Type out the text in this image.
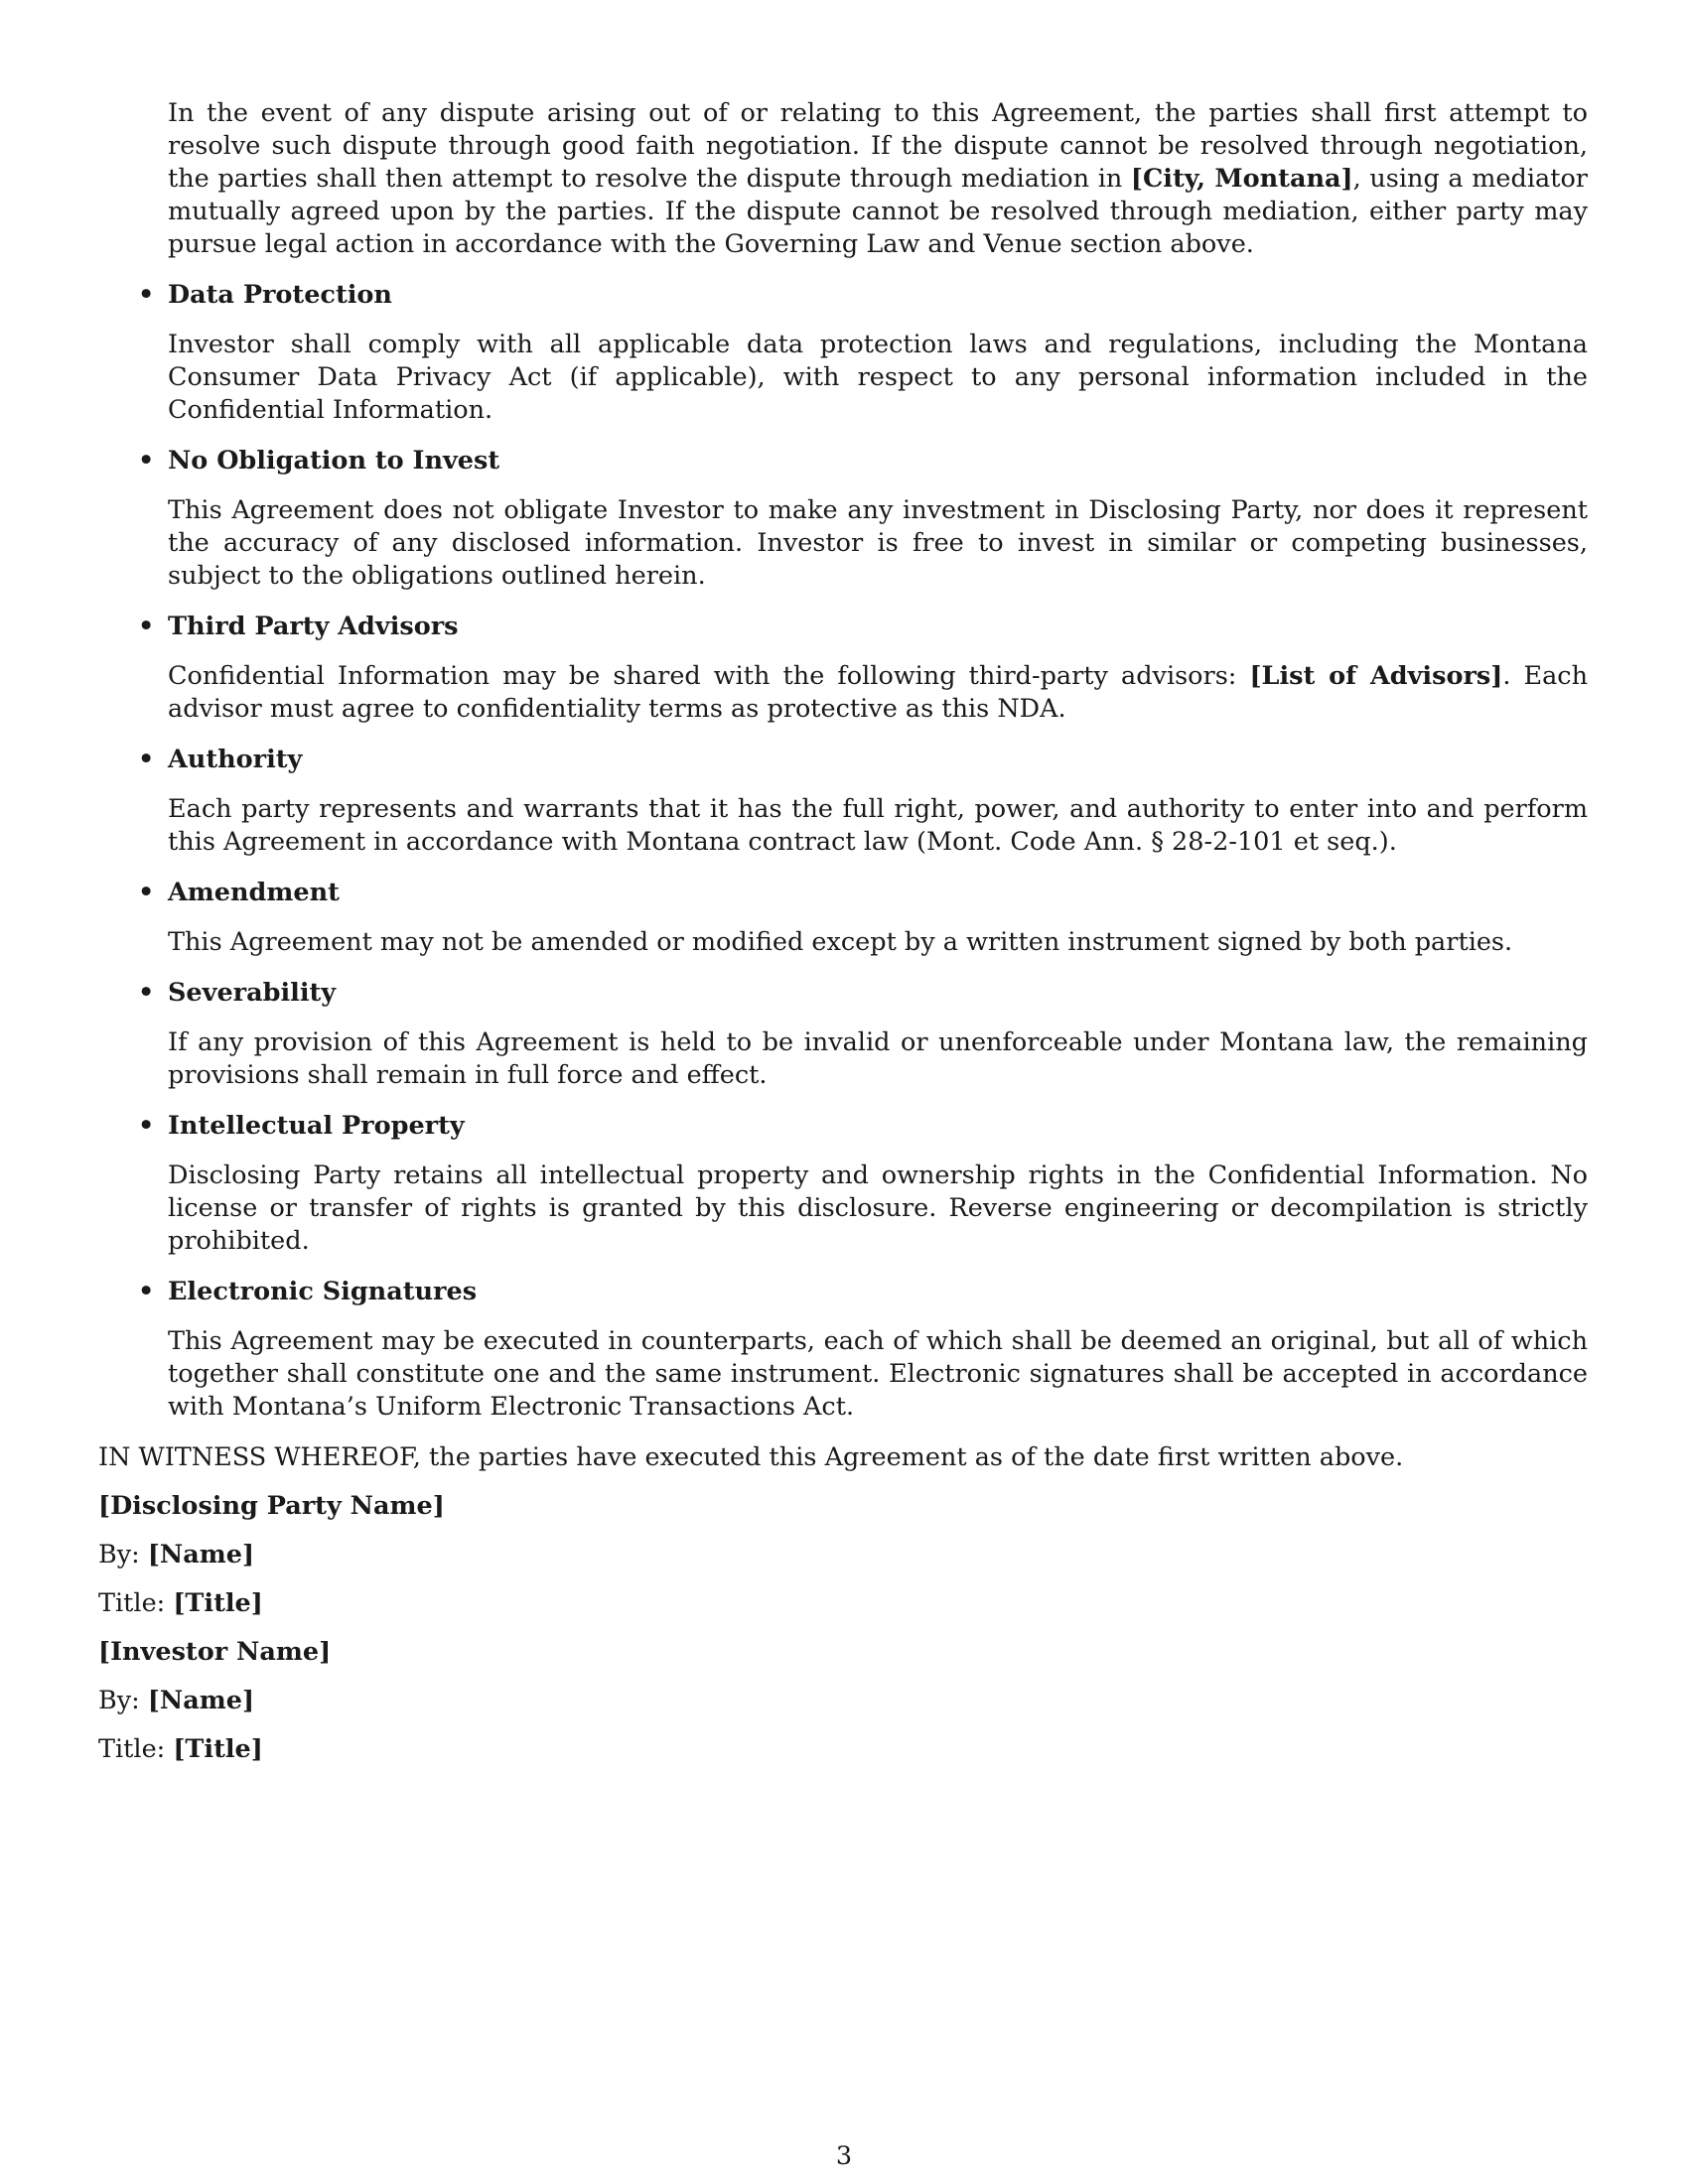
In the event of any dispute arising out of or relating to this Agreement, the parties shall first attempt to resolve such dispute through good faith negotiation. If the dispute cannot be resolved through negotiation, the parties shall then attempt to resolve the dispute through mediation in [City, Montana], using a mediator mutually agreed upon by the parties. If the dispute cannot be resolved through mediation, either party may pursue legal action in accordance with the Governing Law and Venue section above.

• Data Protection

Investor shall comply with all applicable data protection laws and regulations, including the Montana Consumer Data Privacy Act (if applicable), with respect to any personal information included in the Confidential Information.

• No Obligation to Invest

This Agreement does not obligate Investor to make any investment in Disclosing Party, nor does it represent the accuracy of any disclosed information. Investor is free to invest in similar or competing businesses, subject to the obligations outlined herein.

• Third Party Advisors

Confidential Information may be shared with the following third-party advisors: [List of Advisors]. Each advisor must agree to confidentiality terms as protective as this NDA.

• Authority

Each party represents and warrants that it has the full right, power, and authority to enter into and perform this Agreement in accordance with Montana contract law (Mont. Code Ann. § 28-2-101 et seq.).

• Amendment

This Agreement may not be amended or modified except by a written instrument signed by both parties.

• Severability

If any provision of this Agreement is held to be invalid or unenforceable under Montana law, the remaining provisions shall remain in full force and effect.

• Intellectual Property

Disclosing Party retains all intellectual property and ownership rights in the Confidential Information. No license or transfer of rights is granted by this disclosure. Reverse engineering or decompilation is strictly prohibited.

• Electronic Signatures

This Agreement may be executed in counterparts, each of which shall be deemed an original, but all of which together shall constitute one and the same instrument. Electronic signatures shall be accepted in accordance with Montana’s Uniform Electronic Transactions Act.

IN WITNESS WHEREOF, the parties have executed this Agreement as of the date first written above.

[Disclosing Party Name]

By: [Name]

Title: [Title]

[Investor Name]

By: [Name]

Title: [Title]

3
